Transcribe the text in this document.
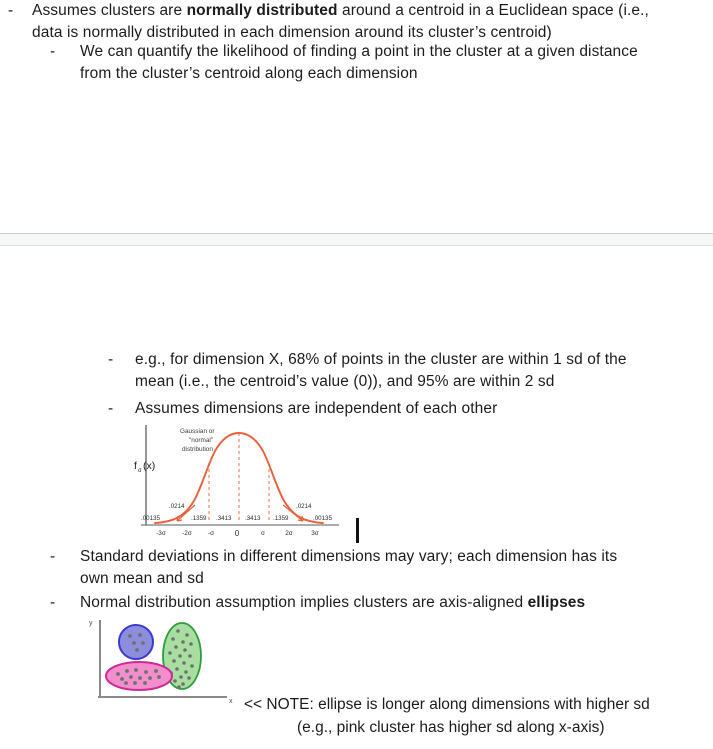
-	Assumes clusters are normally distributed around a centroid in a Euclidean space (i.e.,
data is normally distributed in each dimension around its cluster’s centroid)
-	We can quantify the likelihood of finding a point in the cluster at a given distance
from the cluster’s centroid along each dimension
-	e.g., for dimension X, 68% of points in the cluster are within 1 sd of the
mean (i.e., the centroid’s value (0)), and 95% are within 2 sd
-	Assumes dimensions are independent of each other
Gaussian or
"normal"
distribution
f σ (x)
.00135
.0214
.1359 .3413 .3413 .1359
.0214
.00135
-3σ	-2σ	-σ	0	σ	2σ	3σ
-	Standard deviations in different dimensions may vary; each dimension has its
own mean and sd
-	Normal distribution assumption implies clusters are axis-aligned ellipses
y
x << NOTE: ellipse is longer along dimensions with higher sd
(e.g., pink cluster has higher sd along x-axis)
